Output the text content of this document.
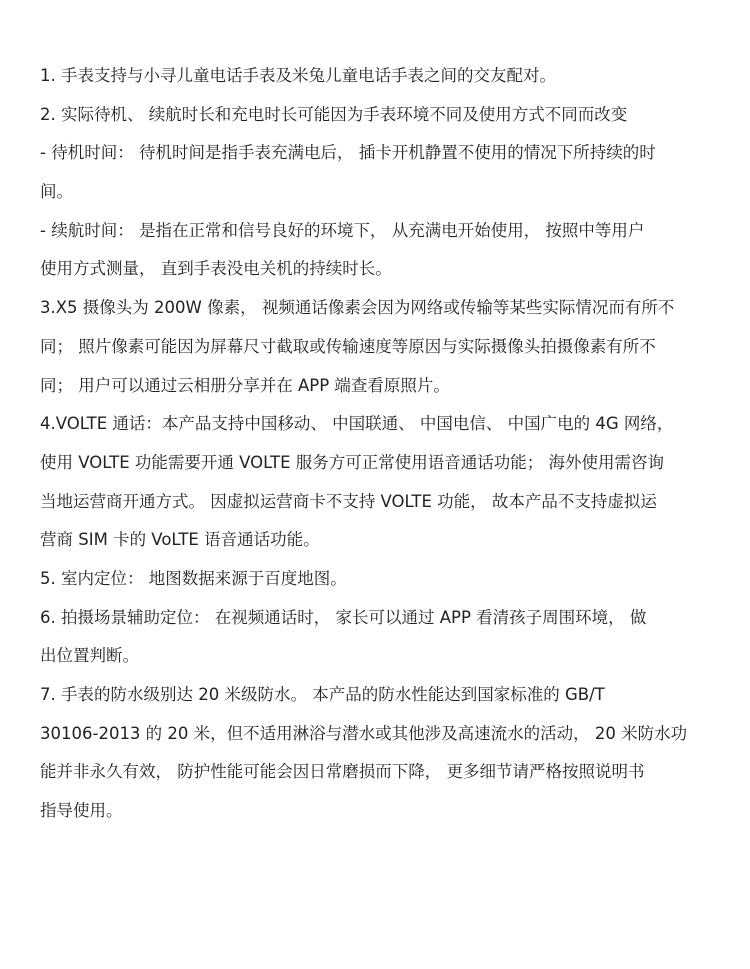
1. 手表支持与小寻儿童电话手表及米兔儿童电话手表之间的交友配对。
2. 实际待机、 续航时长和充电时长可能因为手表环境不同及使用方式不同而改变
- 待机时间： 待机时间是指手表充满电后， 插卡开机静置不使用的情况下所持续的时
间。
- 续航时间： 是指在正常和信号良好的环境下， 从充满电开始使用， 按照中等用户
使用方式测量， 直到手表没电关机的持续时长。
3.X5 摄像头为 200W 像素， 视频通话像素会因为网络或传输等某些实际情况而有所不
同； 照片像素可能因为屏幕尺寸截取或传输速度等原因与实际摄像头拍摄像素有所不
同； 用户可以通过云相册分享并在 APP 端查看原照片。
4.VOLTE 通话：本产品支持中国移动、 中国联通、 中国电信、 中国广电的 4G 网络，
使用 VOLTE 功能需要开通 VOLTE 服务方可正常使用语音通话功能； 海外使用需咨询
当地运营商开通方式。 因虚拟运营商卡不支持 VOLTE 功能， 故本产品不支持虚拟运
营商 SIM 卡的 VoLTE 语音通话功能。
5. 室内定位： 地图数据来源于百度地图。
6. 拍摄场景辅助定位： 在视频通话时， 家长可以通过 APP 看清孩子周围环境， 做
出位置判断。
7. 手表的防水级别达 20 米级防水。 本产品的防水性能达到国家标准的 GB/T
30106-2013 的 20 米，但不适用淋浴与潜水或其他涉及高速流水的活动， 20 米防水功
能并非永久有效， 防护性能可能会因日常磨损而下降， 更多细节请严格按照说明书
指导使用。
